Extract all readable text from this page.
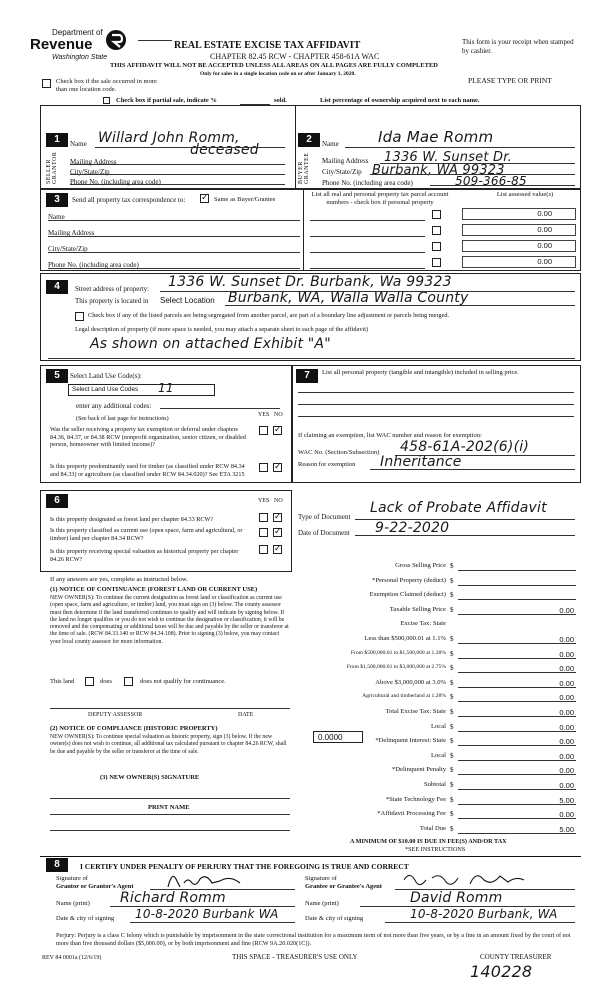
Department of
Revenue
Washington State
REAL ESTATE EXCISE TAX AFFIDAVIT
CHAPTER 82.45 RCW - CHAPTER 458-61A WAC
THIS AFFIDAVIT WILL NOT BE ACCEPTED UNLESS ALL AREAS ON ALL PAGES ARE FULLY COMPLETED
Only for sales in a single location code on or after January 1, 2020.
This form is your receipt when stamped by cashier.
PLEASE TYPE OR PRINT
Check box if the sale occurred in more than one location code.
Check box if partial sale, indicate %	sold.	List percentage of ownership acquired next to each name.
1
SELLER GRANTOR
Name Willard John Romm,
deceased
Mailing Address
City/State/Zip
Phone No. (including area code)
2
BUYER GRANTEE
Name	Ida Mae Romm
Mailing Address 1336 W. Sunset Dr.
City/State/Zip Burbank, WA 99323
Phone No. (including area code)	509-366-85
3	Send all property tax correspondence to:
✓	Same as Buyer/Grantee
Name
Mailing Address
City/State/Zip
Phone No. (including area code)
List all real and personal property tax parcel account numbers - check box if personal property
List assessed value(s)
0.00
0.00
0.00
0.00
4	Street address of property: 1336 W. Sunset Dr. Burbank, Wa 99323
This property is located in Select Location Burbank, WA, Walla Walla County
Check box if any of the listed parcels are being segregated from another parcel, are part of a boundary line adjustment or parcels being merged.
Legal description of property (if more space is needed, you may attach a separate sheet to each page of the affidavit)
As shown on attached Exhibit "A"
5	Select Land Use Code(s):
Select Land Use Codes 11
enter any additional codes:
(See back of last page for instructions)
YES NO
Was the seller receiving a property tax exemption or deferral under chapters 84.36, 84.37, or 84.38 RCW (nonprofit organization, senior citizen, or disabled person, homeowner with limited income)?
✓
Is this property predominantly used for timber (as classified under RCW 84.34 and 84.33) or agriculture (as classified under RCW 84.34.020)? See ETA 3215
✓
6	YES NO
Is this property designated as forest land per chapter 84.33 RCW?
✓
Is this property classified as current use (open space, farm and agricultural, or timber) land per chapter 84.34 RCW?
✓
Is this property receiving special valuation as historical property per chapter 84.26 RCW?
✓
If any answers are yes, complete as instructed below.
(1) NOTICE OF CONTINUANCE (FOREST LAND OR CURRENT USE)
NEW OWNER(S): To continue the current designation as forest land or classification as current use (open space, farm and agriculture, or timber) land, you must sign on (3) below. The county assessor must then determine if the land transferred continues to qualify and will indicate by signing below. If the land no longer qualifies or you do not wish to continue the designation or classification, it will be removed and the compensating or additional taxes will be due and payable by the seller or transferor at the time of sale. (RCW 84.33.140 or RCW 84.34.108). Prior to signing (3) below, you may contact your local county assessor for more information.
This land	does	does not qualify for continuance.
DEPUTY ASSESSOR	DATE
(2) NOTICE OF COMPLIANCE (HISTORIC PROPERTY)
NEW OWNER(S): To continue special valuation as historic property, sign (3) below. If the new owner(s) does not wish to continue, all additional tax calculated pursuant to chapter 84.26 RCW, shall be due and payable by the seller or transferor at the time of sale.
(3) NEW OWNER(S) SIGNATURE
PRINT NAME
7	List all personal property (tangible and intangible) included in selling price.
If claiming an exemption, list WAC number and reason for exemption:
WAC No. (Section/Subsection) 458-61A-202(6)(i)
Reason for exemption Inheritance
Type of Document
Lack of Probate Affidavit
Date of Document 9-22-2020
Gross Selling Price $
*Personal Property (deduct) $
Exemption Claimed (deduct) $
Taxable Selling Price $	0.00
Excise Tax: State
Less than $500,000.01 at 1.1% $	0.00
From $500,000.01 to $1,500,000 at 1.28% $	0.00
From $1,500,000.01 to $3,000,000 at 2.75% $	0.00
Above $3,000,000 at 3.0% $	0.00
Agricultural and timberland at 1.28% $	0.00
Total Excise Tax: State $	0.00
Local $	0.00
*Delinquent Interest: State $	0.00
Local $	0.00
*Delinquent Penalty $	0.00
Subtotal $	0.00
*State Technology Fee $	5.00
*Affidavit Processing Fee $	0.00
Total Due $	5.00
0.0000
A MINIMUM OF $10.00 IS DUE IN FEE(S) AND/OR TAX
*SEE INSTRUCTIONS
8	I CERTIFY UNDER PENALTY OF PERJURY THAT THE FOREGOING IS TRUE AND CORRECT
Signature of
Grantor or Grantor's Agent
Name (print) Richard Romm
Date & city of signing 10-8-2020 Burbank WA
Signature of
Grantee or Grantee's Agent
Name (print)	David Romm
Date & city of signing	10-8-2020 Burbank, WA
Perjury: Perjury is a class C felony which is punishable by imprisonment in the state correctional institution for a maximum term of not more than five years, or by a fine in an amount fixed by the court of not more than five thousand dollars ($5,000.00), or by both imprisonment and fine (RCW 9A.20.020(1C)).
REV 84 0001a (12/6/19)	THIS SPACE - TREASURER'S USE ONLY	COUNTY TREASURER
140228
